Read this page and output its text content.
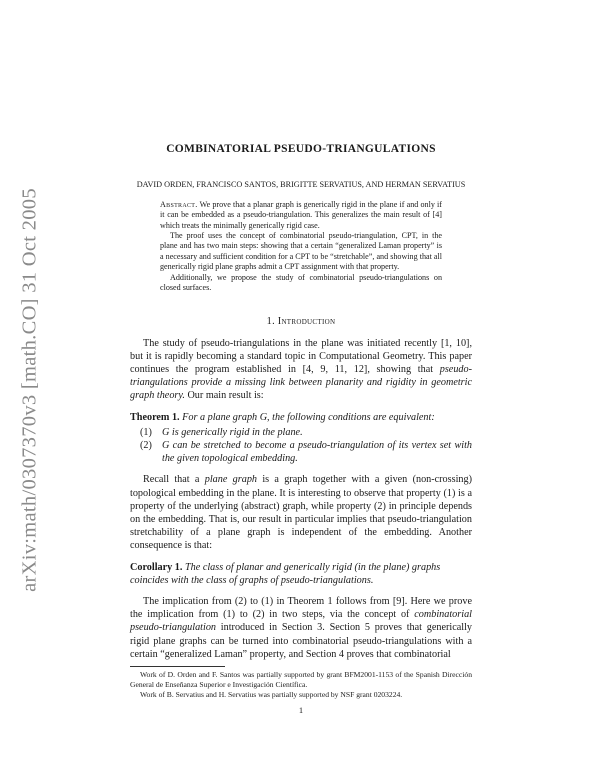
arXiv:math/0307370v3 [math.CO] 31 Oct 2005
COMBINATORIAL PSEUDO-TRIANGULATIONS
DAVID ORDEN, FRANCISCO SANTOS, BRIGITTE SERVATIUS, AND HERMAN SERVATIUS

Abstract. We prove that a planar graph is generically rigid in the plane if and only if it can be embedded as a pseudo-triangulation. This generalizes the main result of [4] which treats the minimally generically rigid case.

The proof uses the concept of combinatorial pseudo-triangulation, CPT, in the plane and has two main steps: showing that a certain “generalized Laman property” is a necessary and sufficient condition for a CPT to be “stretchable”, and showing that all generically rigid plane graphs admit a CPT assignment with that property.

Additionally, we propose the study of combinatorial pseudo-triangulations on closed surfaces.

1. Introduction

The study of pseudo-triangulations in the plane was initiated recently [1, 10], but it is rapidly becoming a standard topic in Computational Geometry. This paper continues the program established in [4, 9, 11, 12], showing that pseudo-triangulations provide a missing link between planarity and rigidity in geometric graph theory. Our main result is:

Theorem 1. For a plane graph G, the following conditions are equivalent:
(1) G is generically rigid in the plane.
(2) G can be stretched to become a pseudo-triangulation of its vertex set with the given topological embedding.

Recall that a plane graph is a graph together with a given (non-crossing) topological embedding in the plane. It is interesting to observe that property (1) is a property of the underlying (abstract) graph, while property (2) in principle depends on the embedding. That is, our result in particular implies that pseudo-triangulation stretchability of a plane graph is independent of the embedding. Another consequence is that:

Corollary 1. The class of planar and generically rigid (in the plane) graphs coincides with the class of graphs of pseudo-triangulations.

The implication from (2) to (1) in Theorem 1 follows from [9]. Here we prove the implication from (1) to (2) in two steps, via the concept of combinatorial pseudo-triangulation introduced in Section 3. Section 5 proves that generically rigid plane graphs can be turned into combinatorial pseudo-triangulations with a certain “generalized Laman” property, and Section 4 proves that combinatorial

Work of D. Orden and F. Santos was partially supported by grant BFM2001-1153 of the Spanish Dirección General de Enseñanza Superior e Investigación Científica.

Work of B. Servatius and H. Servatius was partially supported by NSF grant 0203224.

1
